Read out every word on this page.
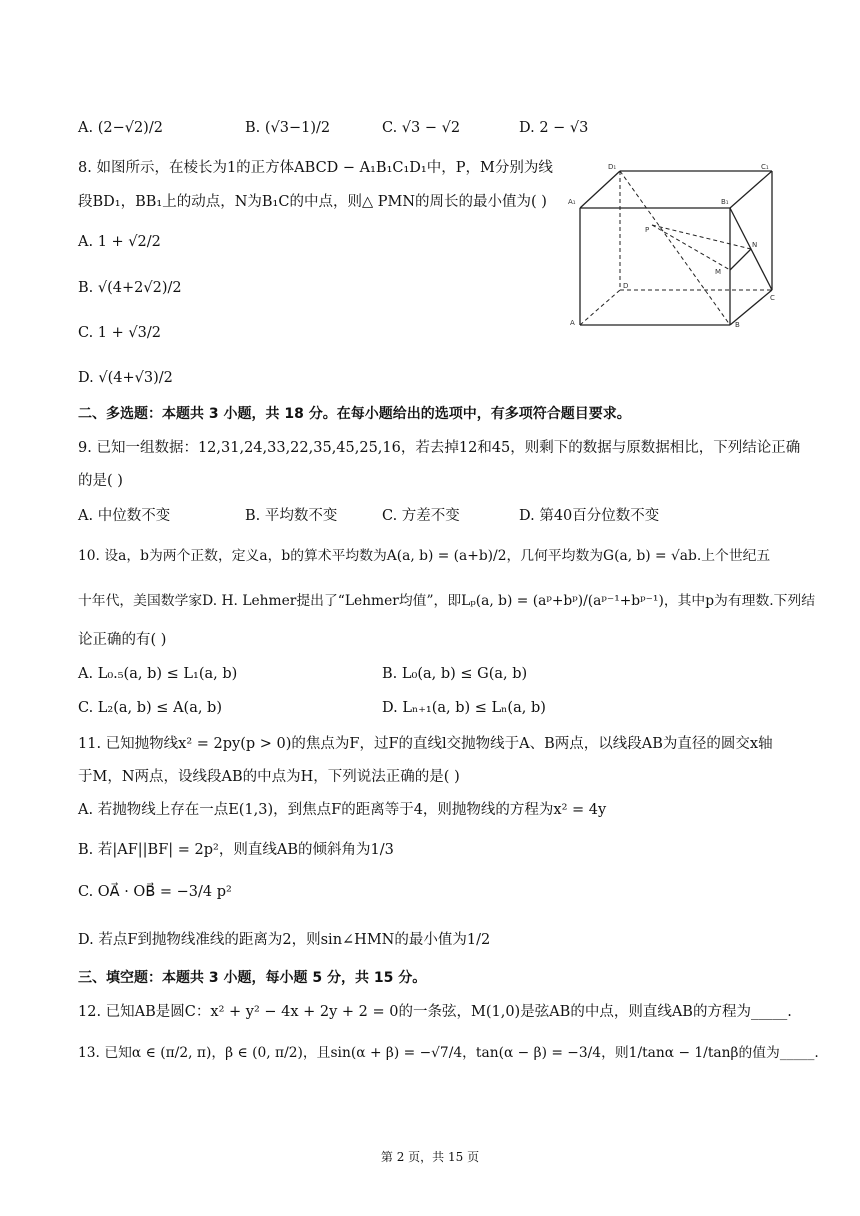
A. (2−√2)/2	B. (√3−1)/2	C. √3 − √2	D. 2 − √3
8. 如图所示，在棱长为1的正方体ABCD − A₁B₁C₁D₁中，P，M分别为线
段BD₁，BB₁上的动点，N为B₁C的中点，则△ PMN的周长的最小值为( )
A. 1 + √2/2
B. √(4+2√2)/2
C. 1 + √3/2
D. √(4+√3)/2
D₁	C₁
A₁	B₁
P
N
M
D
C
A	B
二、多选题：本题共 3 小题，共 18 分。在每小题给出的选项中，有多项符合题目要求。
9. 已知一组数据：12,31,24,33,22,35,45,25,16，若去掉12和45，则剩下的数据与原数据相比，下列结论正确
的是( )
A. 中位数不变	B. 平均数不变	C. 方差不变	D. 第40百分位数不变
10. 设a，b为两个正数，定义a，b的算术平均数为A(a, b) = (a+b)/2，几何平均数为G(a, b) = √ab.上个世纪五
十年代，美国数学家D. H. Lehmer提出了“Lehmer均值”，即Lₚ(a, b) = (aᵖ+bᵖ)/(aᵖ⁻¹+bᵖ⁻¹)，其中p为有理数.下列结
论正确的有( )
A. L₀.₅(a, b) ≤ L₁(a, b)	B. L₀(a, b) ≤ G(a, b)
C. L₂(a, b) ≤ A(a, b)	D. Lₙ₊₁(a, b) ≤ Lₙ(a, b)
11. 已知抛物线x² = 2py(p > 0)的焦点为F，过F的直线l交抛物线于A、B两点，以线段AB为直径的圆交x轴
于M，N两点，设线段AB的中点为H，下列说法正确的是( )
A. 若抛物线上存在一点E(1,3)，到焦点F的距离等于4，则抛物线的方程为x² = 4y
B. 若|AF||BF| = 2p²，则直线AB的倾斜角为1/3
C. OA⃗ · OB⃗ = −3/4 p²
D. 若点F到抛物线准线的距离为2，则sin∠HMN的最小值为1/2
三、填空题：本题共 3 小题，每小题 5 分，共 15 分。
12. 已知AB是圆C：x² + y² − 4x + 2y + 2 = 0的一条弦，M(1,0)是弦AB的中点，则直线AB的方程为_____.
13. 已知α ∈ (π/2, π)，β ∈ (0, π/2)，且sin(α + β) = −√7/4，tan(α − β) = −3/4，则1/tanα − 1/tanβ的值为_____.
第 2 页，共 15 页
